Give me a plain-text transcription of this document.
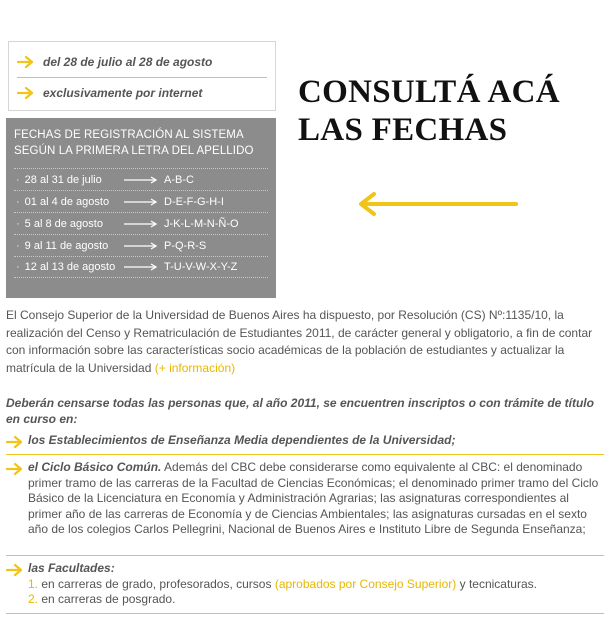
del 28 de julio al 28 de agosto
exclusivamente por internet	CONSULTÁ ACÁ
LAS FECHAS
FECHAS DE REGISTRACIÓN AL SISTEMA
SEGÚN LA PRIMERA LETRA DEL APELLIDO
· 28 al 31 de julio	A-B-C
· 01 al 4 de agosto	D-E-F-G-H-I
· 5 al 8 de agosto	J-K-L-M-N-Ñ-O
· 9 al 11 de agosto	P-Q-R-S
· 12 al 13 de agosto	T-U-V-W-X-Y-Z
El Consejo Superior de la Universidad de Buenos Aires ha dispuesto, por Resolución (CS) Nº:1135/10, la realización del Censo y Rematriculación de Estudiantes 2011, de carácter general y obligatorio, a fin de contar con información sobre las características socio académicas de la población de estudiantes y actualizar la matrícula de la Universidad (+ información)
Deberán censarse todas las personas que, al año 2011, se encuentren inscriptos o con trámite de título en curso en:
los Establecimientos de Enseñanza Media dependientes de la Universidad;
el Ciclo Básico Común. Además del CBC debe considerarse como equivalente al CBC: el denominado primer tramo de las carreras de la Facultad de Ciencias Económicas; el denominado primer tramo del Ciclo Básico de la Licenciatura en Economía y Administración Agrarias; las asignaturas correspondientes al primer año de las carreras de Economía y de Ciencias Ambientales; las asignaturas cursadas en el sexto año de los colegios Carlos Pellegrini, Nacional de Buenos Aires e Instituto Libre de Segunda Enseñanza;
las Facultades:
1. en carreras de grado, profesorados, cursos (aprobados por Consejo Superior) y tecnicaturas.
2. en carreras de posgrado.
